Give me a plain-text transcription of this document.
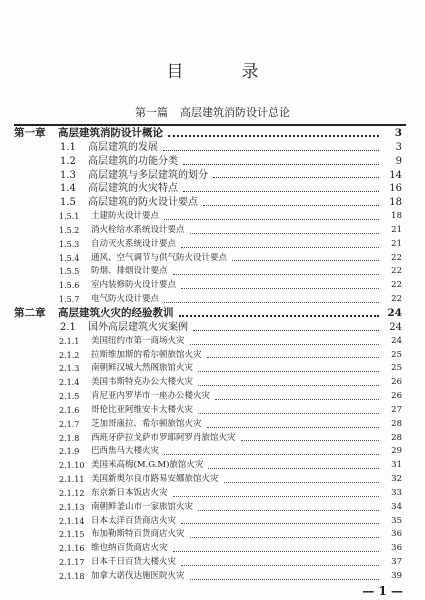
目录
第一篇 高层建筑消防设计总论
第一章	高层建筑消防设计概论	3
1.1	高层建筑的发展	3
1.2	高层建筑的功能分类	9
1.3	高层建筑与多层建筑的划分	14
1.4	高层建筑的火灾特点	16
1.5	高层建筑的防火设计要点	18
1.5.1	土建防火设计要点	18
1.5.2	消火栓给水系统设计要点	21
1.5.3	自动灭火系统设计要点	21
1.5.4	通风、空气调节与供气防火设计要点	22
1.5.5	防烟、排烟设计要点	22
1.5.6	室内装修防火设计要点	22
1.5.7	电气防火设计要点	22
第二章	高层建筑火灾的经验教训	24
2.1	国外高层建筑火灾案例	24
2.1.1	美国纽约市第一商场火灾	24
2.1.2	拉斯维加斯的希尔顿旅馆火灾	25
2.1.3	南朝鲜汉城大然阁旅馆火灾	25
2.1.4	美国韦斯特克办公大楼火灾	26
2.1.5	肯尼亚内罗毕市一座办公楼火灾	26
2.1.6	哥伦比亚阿维安卡大楼火灾	27
2.1.7	芝加哥康拉、希尔顿旅馆火灾	28
2.1.8	西班牙萨拉戈萨市罗耶阿罗肖旅馆火灾	28
2.1.9	巴西焦马大楼火灾	29
2.1.10 美国米高梅(M.G.M)旅馆火灾	31
2.1.11 美国新奥尔良市路易安娜旅馆火灾	32
2.1.12 东京新日本饭店火灾	33
2.1.13 南朝鲜釜山市一家旅馆火灾	34
2.1.14 日本太洋百货商店火灾	35
2.1.15 布加勒斯特百货商店火灾	36
2.1.16 维也纳百货商店火灾	36
2.1.17 日本千日百货大楼火灾	37
2.1.18 加拿大诺伐达施医院火灾	39
— 1 —
